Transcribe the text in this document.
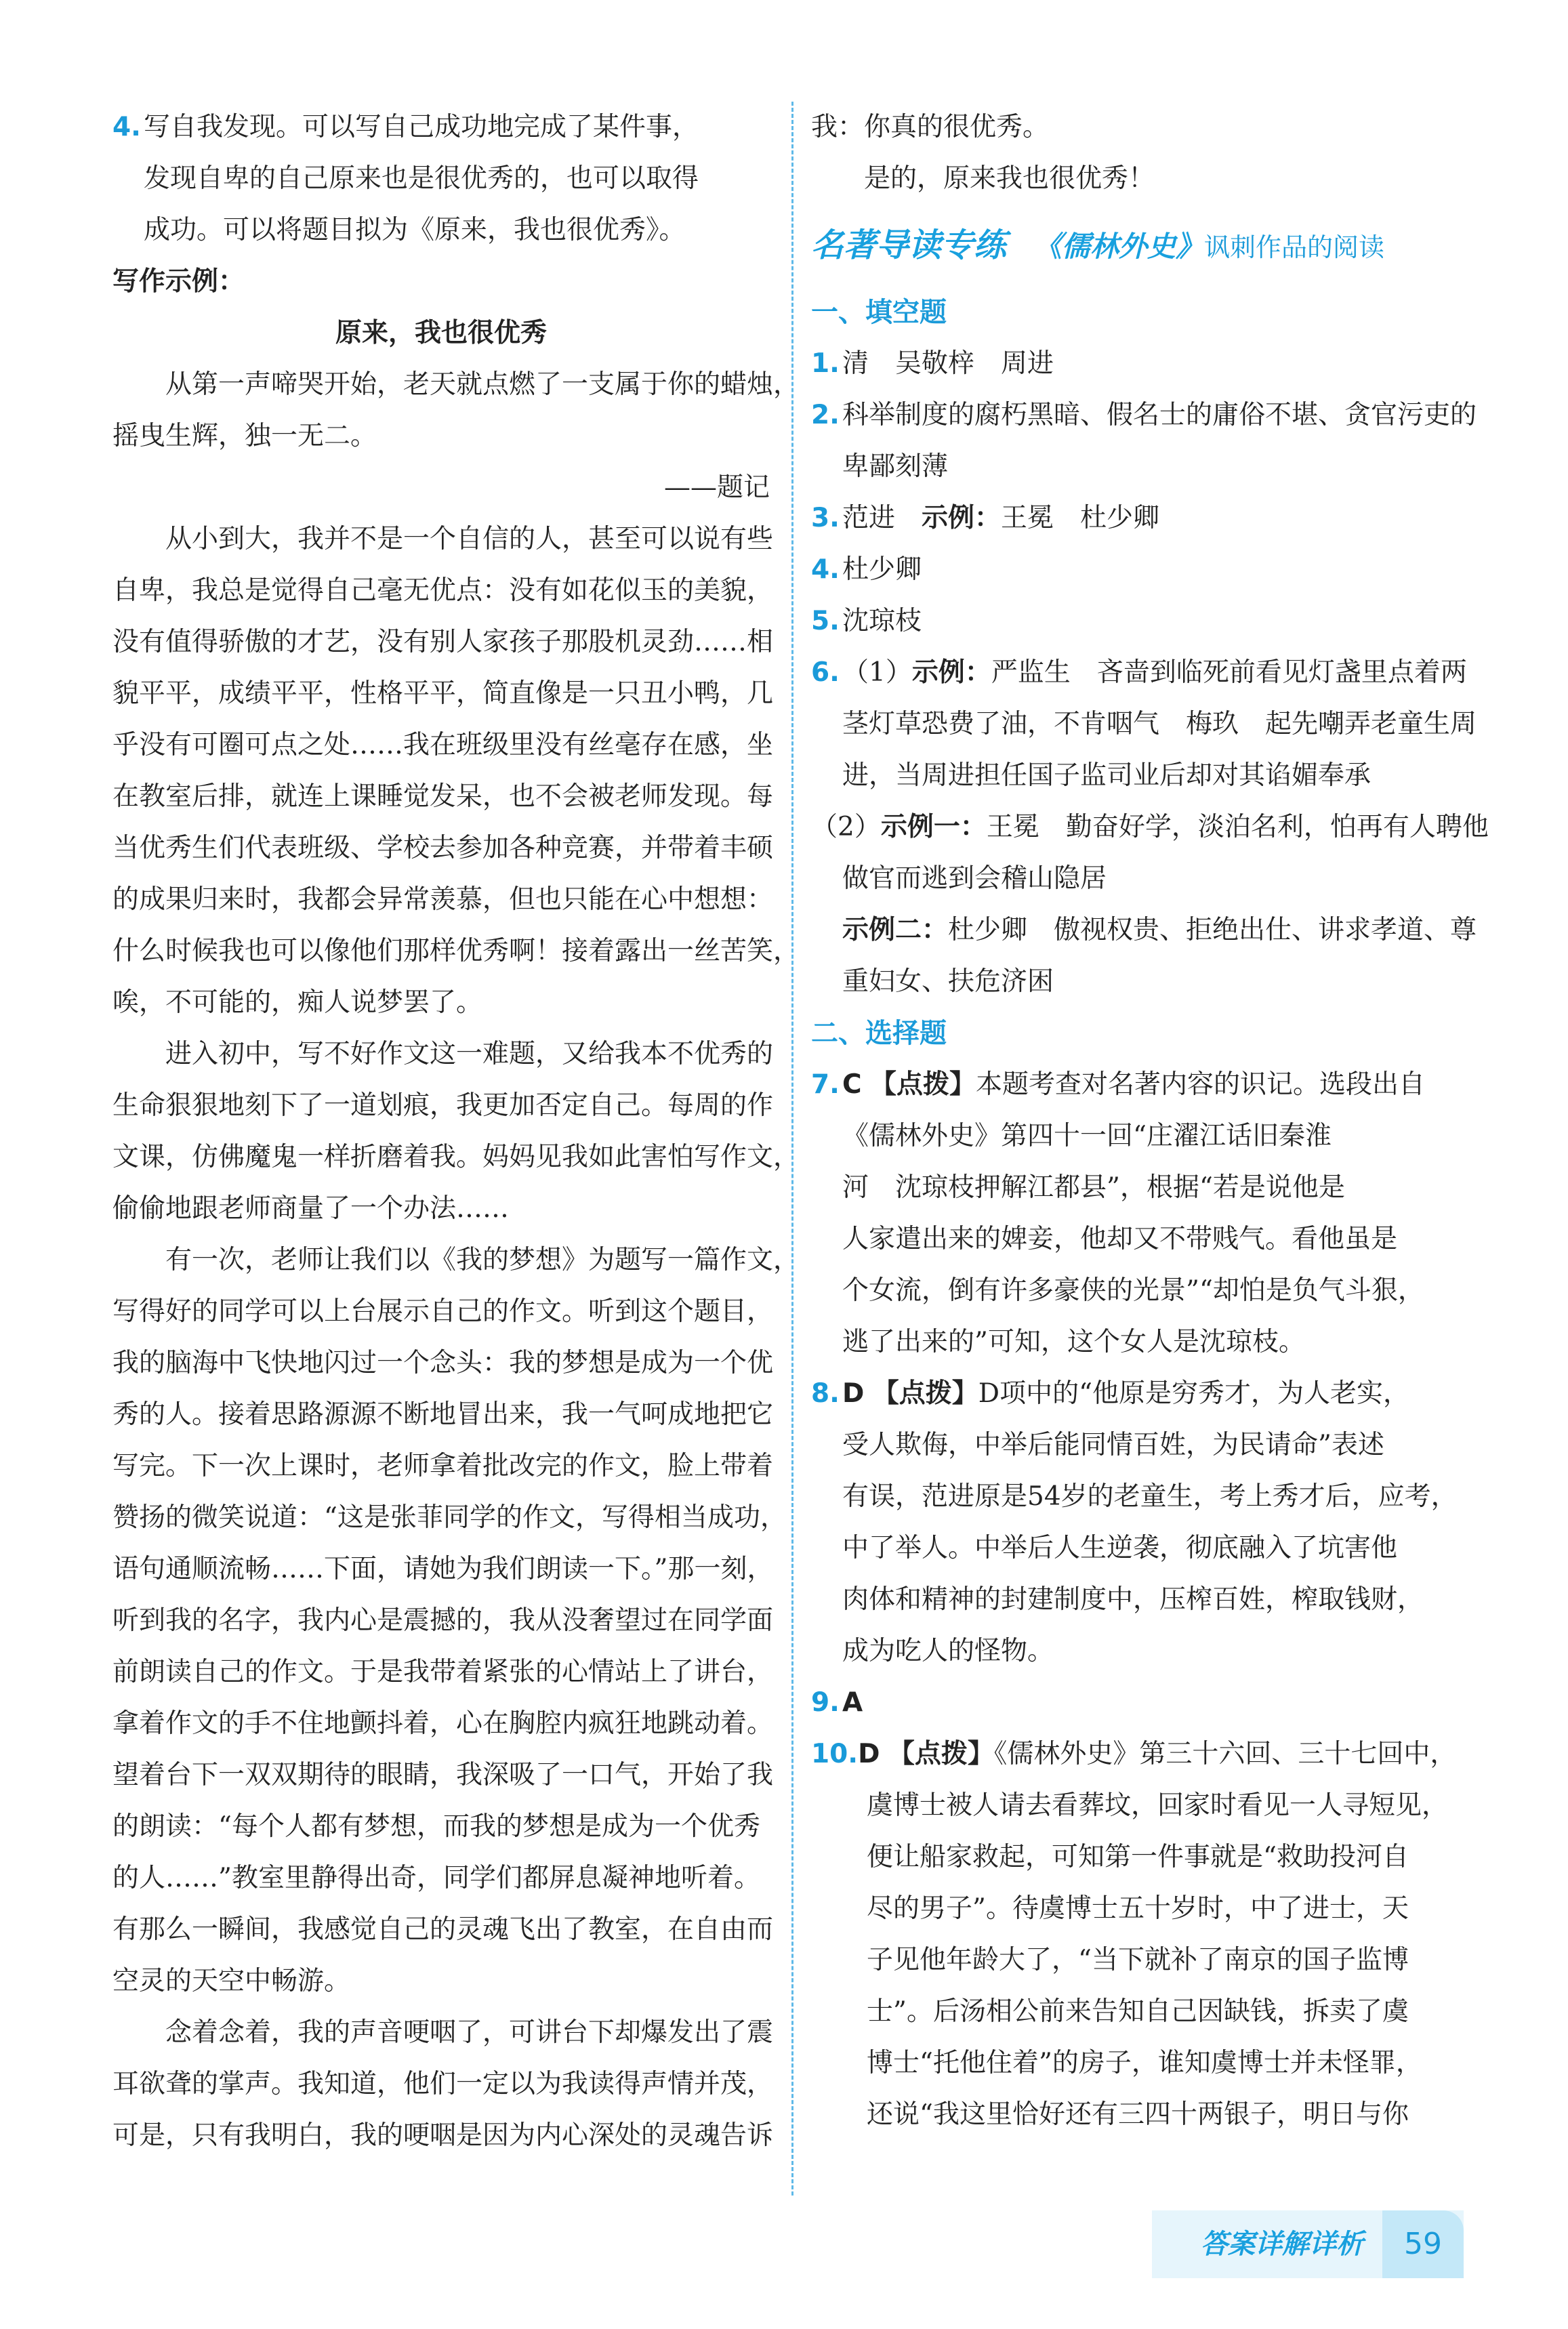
4. 写自我发现。可以写自己成功地完成了某件事，
发现自卑的自己原来也是很优秀的，也可以取得
成功。可以将题目拟为《原来，我也很优秀》。
写作示例：
原来，我也很优秀
从第一声啼哭开始，老天就点燃了一支属于你的蜡烛，
摇曳生辉，独一无二。
——题记
从小到大，我并不是一个自信的人，甚至可以说有些
自卑，我总是觉得自己毫无优点：没有如花似玉的美貌，
没有值得骄傲的才艺，没有别人家孩子那股机灵劲……相
貌平平，成绩平平，性格平平，简直像是一只丑小鸭，几
乎没有可圈可点之处……我在班级里没有丝毫存在感，坐
在教室后排，就连上课睡觉发呆，也不会被老师发现。每
当优秀生们代表班级、学校去参加各种竞赛，并带着丰硕
的成果归来时，我都会异常羡慕，但也只能在心中想想：
什么时候我也可以像他们那样优秀啊！接着露出一丝苦笑，
唉，不可能的，痴人说梦罢了。
进入初中，写不好作文这一难题，又给我本不优秀的
生命狠狠地刻下了一道划痕，我更加否定自己。每周的作
文课，仿佛魔鬼一样折磨着我。妈妈见我如此害怕写作文，
偷偷地跟老师商量了一个办法……
有一次，老师让我们以《我的梦想》为题写一篇作文，
写得好的同学可以上台展示自己的作文。听到这个题目，
我的脑海中飞快地闪过一个念头：我的梦想是成为一个优
秀的人。接着思路源源不断地冒出来，我一气呵成地把它
写完。下一次上课时，老师拿着批改完的作文，脸上带着
赞扬的微笑说道：“这是张菲同学的作文，写得相当成功，
语句通顺流畅……下面，请她为我们朗读一下。”那一刻，
听到我的名字，我内心是震撼的，我从没奢望过在同学面
前朗读自己的作文。于是我带着紧张的心情站上了讲台，
拿着作文的手不住地颤抖着，心在胸腔内疯狂地跳动着。
望着台下一双双期待的眼睛，我深吸了一口气，开始了我
的朗读：“每个人都有梦想，而我的梦想是成为一个优秀
的人……”教室里静得出奇，同学们都屏息凝神地听着。
有那么一瞬间，我感觉自己的灵魂飞出了教室，在自由而
空灵的天空中畅游。
念着念着，我的声音哽咽了，可讲台下却爆发出了震
耳欲聋的掌声。我知道，他们一定以为我读得声情并茂，
可是，只有我明白，我的哽咽是因为内心深处的灵魂告诉
我：你真的很优秀。
是的，原来我也很优秀！
名著导读专练 《儒林外史》讽刺作品的阅读
一、填空题
1. 清　吴敬梓　周进
2. 科举制度的腐朽黑暗、假名士的庸俗不堪、贪官污吏的
卑鄙刻薄
3. 范进　示例：王冕　杜少卿
4. 杜少卿
5. 沈琼枝
6. （1）示例：严监生　吝啬到临死前看见灯盏里点着两
茎灯草恐费了油，不肯咽气　梅玖　起先嘲弄老童生周
进，当周进担任国子监司业后却对其谄媚奉承
（2）示例一：王冕　勤奋好学，淡泊名利，怕再有人聘他
做官而逃到会稽山隐居
示例二：杜少卿　傲视权贵、拒绝出仕、讲求孝道、尊
重妇女、扶危济困
二、选择题
7. C 【点拨】本题考查对名著内容的识记。选段出自
《儒林外史》第四十一回“庄濯江话旧秦淮
河　沈琼枝押解江都县”，根据“若是说他是
人家遣出来的婢妾，他却又不带贱气。看他虽是
个女流，倒有许多豪侠的光景”“却怕是负气斗狠，
逃了出来的”可知，这个女人是沈琼枝。
8. D 【点拨】D项中的“他原是穷秀才，为人老实，
受人欺侮，中举后能同情百姓，为民请命”表述
有误，范进原是54岁的老童生，考上秀才后，应考，
中了举人。中举后人生逆袭，彻底融入了坑害他
肉体和精神的封建制度中，压榨百姓，榨取钱财，
成为吃人的怪物。
9. A
10.D 【点拨】《儒林外史》第三十六回、三十七回中，
虞博士被人请去看葬坟，回家时看见一人寻短见，
便让船家救起，可知第一件事就是“救助投河自
尽的男子”。待虞博士五十岁时，中了进士，天
子见他年龄大了，“当下就补了南京的国子监博
士”。后汤相公前来告知自己因缺钱，拆卖了虞
博士“托他住着”的房子，谁知虞博士并未怪罪，
还说“我这里恰好还有三四十两银子，明日与你
答案详解详析	59
